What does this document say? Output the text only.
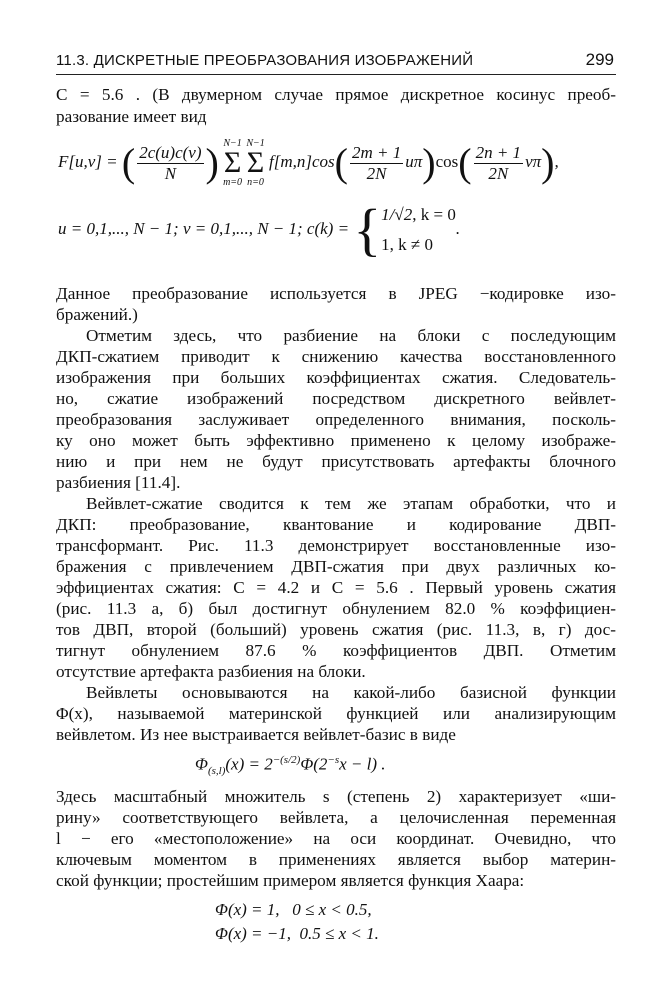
11.3. ДИСКРЕТНЫЕ ПРЕОБРАЗОВАНИЯ ИЗОБРАЖЕНИЙ	299
C = 5.6 . (В двумерном случае прямое дискретное косинус преоб-
разование имеет вид
F[u,v] = ( $\frac{2c(u)c(v)}{N}$ ) N−1
Σ
m=0

N−1
Σ
n=0
$f[m,n]\cos( \frac{2m + 1}{2N} u\pi)\cos( \frac{2n + 1}{2N} v\pi)$,
u = 0,1,..., N − 1; v = 0,1,..., N − 1; c(k) = {1/√2, k = 0
1, k ≠ 0.
Данное преобразование используется в JPEG −кодировке изо-
бражений.)
Отметим здесь, что разбиение на блоки с последующим
ДКП-сжатием приводит к снижению качества восстановленного
изображения при больших коэффициентах сжатия. Следователь-
но, сжатие изображений посредством дискретного вейвлет-
преобразования заслуживает определенного внимания, посколь-
ку оно может быть эффективно применено к целому изображе-
нию и при нем не будут присутствовать артефакты блочного
разбиения [11.4].
Вейвлет-сжатие сводится к тем же этапам обработки, что и
ДКП: преобразование, квантование и кодирование ДВП-
трансформант. Рис. 11.3 демонстрирует восстановленные изо-
бражения с привлечением ДВП-сжатия при двух различных ко-
эффициентах сжатия: C = 4.2 и C = 5.6 . Первый уровень сжатия
(рис. 11.3 а, б) был достигнут обнулением 82.0 % коэффициен-
тов ДВП, второй (больший) уровень сжатия (рис. 11.3, в, г) дос-
тигнут обнулением 87.6 % коэффициентов ДВП. Отметим
отсутствие артефакта разбиения на блоки.
Вейвлеты основываются на какой-либо базисной функции
Φ(x), называемой материнской функцией или анализирующим
вейвлетом. Из нее выстраивается вейвлет-базис в виде
$\Phi_{(s,l)}(x) = 2^{-(s/2)}\Phi(2^{-s}x - l)$ .
Здесь масштабный множитель s (степень 2) характеризует «ши-
рину» соответствующего вейвлета, а целочисленная переменная
l − его «местоположение» на оси координат. Очевидно, что
ключевым моментом в применениях является выбор материн-
ской функции; простейшим примером является функция Хаара:
Φ(x) = 1, 0 ≤ x < 0.5,
Φ(x) = −1, 0.5 ≤ x < 1.
